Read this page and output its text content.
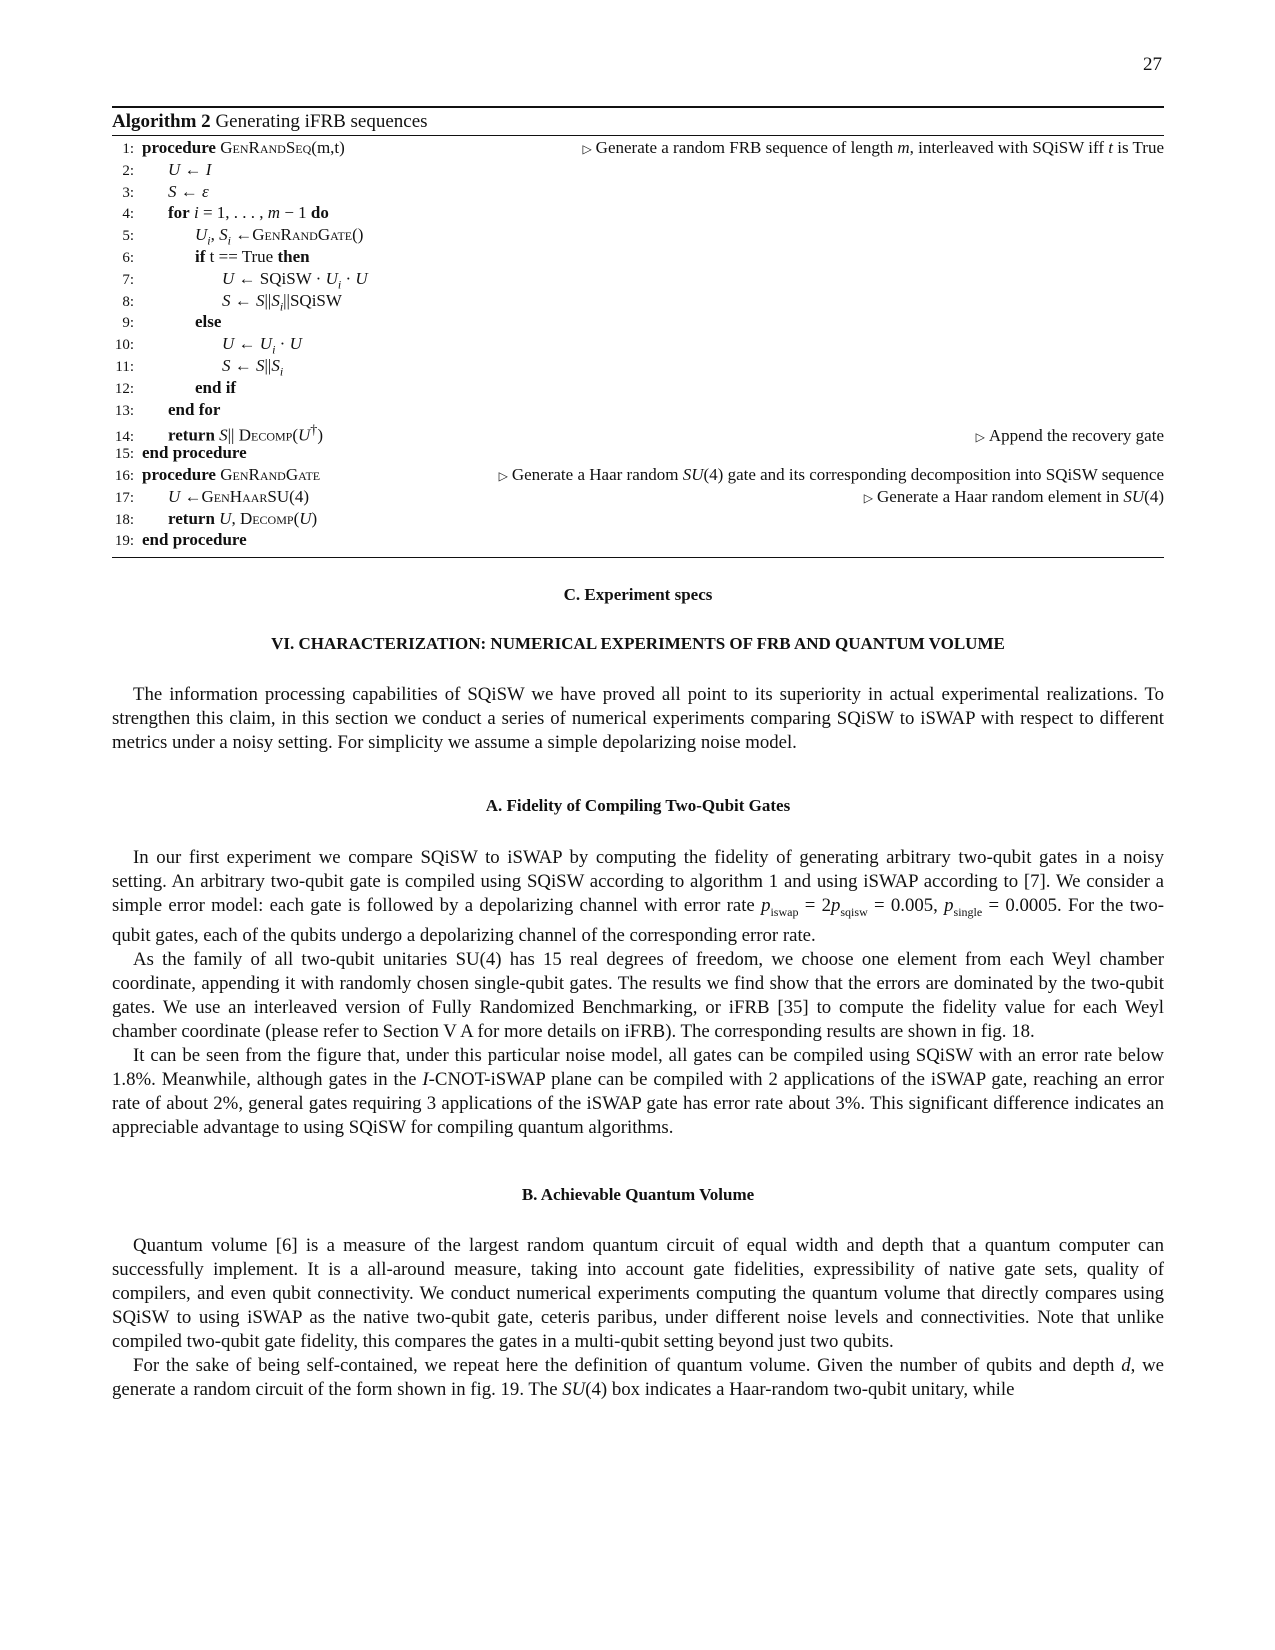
27
Algorithm 2 Generating iFRB sequences
1: procedure GenRandSeq(m,t)	▷ Generate a random FRB sequence of length m, interleaved with SQiSW iff t is True
2: U ← I
3: S ← ε
4: for i = 1, . . . , m − 1 do
5:	$U_i$, $S_i$ ←GenRandGate()
6:	if t == True then
7:	U ← SQiSW · $U_i \cdot U$
8:	S ← $S||S_i||SQiSW$
9:	else
10:	U ← $U_i \cdot U$
11:	S ← $S||S_i$
12:	end if
13: end for
14: return S|| Decomp(U†)	▷ Append the recovery gate
15: end procedure
16: procedure GenRandGate	▷ Generate a Haar random SU(4) gate and its corresponding decomposition into SQiSW sequence
17: U ←GenHaarSU(4)	▷ Generate a Haar random element in SU(4)
18: return U, Decomp(U)
19: end procedure
C. Experiment specs
VI. CHARACTERIZATION: NUMERICAL EXPERIMENTS OF FRB AND QUANTUM VOLUME

The information processing capabilities of SQiSW we have proved all point to its superiority in actual experimental realizations. To strengthen this claim, in this section we conduct a series of numerical experiments comparing SQiSW to iSWAP with respect to different metrics under a noisy setting. For simplicity we assume a simple depolarizing noise model.

A. Fidelity of Compiling Two-Qubit Gates

In our first experiment we compare SQiSW to iSWAP by computing the fidelity of generating arbitrary two-qubit gates in a noisy setting. An arbitrary two-qubit gate is compiled using SQiSW according to algorithm 1 and using iSWAP according to [7]. We consider a simple error model: each gate is followed by a depolarizing channel with error rate $p_{iswap} = 2p_{sqisw} = 0.005$, $p_{single} = 0.0005$. For the two-qubit gates, each of the qubits undergo a depolarizing channel of the corresponding error rate.

As the family of all two-qubit unitaries SU(4) has 15 real degrees of freedom, we choose one element from each Weyl chamber coordinate, appending it with randomly chosen single-qubit gates. The results we find show that the errors are dominated by the two-qubit gates. We use an interleaved version of Fully Randomized Benchmarking, or iFRB [35] to compute the fidelity value for each Weyl chamber coordinate (please refer to Section V A for more details on iFRB). The corresponding results are shown in fig. 18.

It can be seen from the figure that, under this particular noise model, all gates can be compiled using SQiSW with an error rate below 1.8%. Meanwhile, although gates in the I-CNOT-iSWAP plane can be compiled with 2 applications of the iSWAP gate, reaching an error rate of about 2%, general gates requiring 3 applications of the iSWAP gate has error rate about 3%. This significant difference indicates an appreciable advantage to using SQiSW for compiling quantum algorithms.

B. Achievable Quantum Volume

Quantum volume [6] is a measure of the largest random quantum circuit of equal width and depth that a quantum computer can successfully implement. It is a all-around measure, taking into account gate fidelities, expressibility of native gate sets, quality of compilers, and even qubit connectivity. We conduct numerical experiments computing the quantum volume that directly compares using SQiSW to using iSWAP as the native two-qubit gate, ceteris paribus, under different noise levels and connectivities. Note that unlike compiled two-qubit gate fidelity, this compares the gates in a multi-qubit setting beyond just two qubits.

For the sake of being self-contained, we repeat here the definition of quantum volume. Given the number of qubits and depth d, we generate a random circuit of the form shown in fig. 19. The SU(4) box indicates a Haar-random two-qubit unitary, while
